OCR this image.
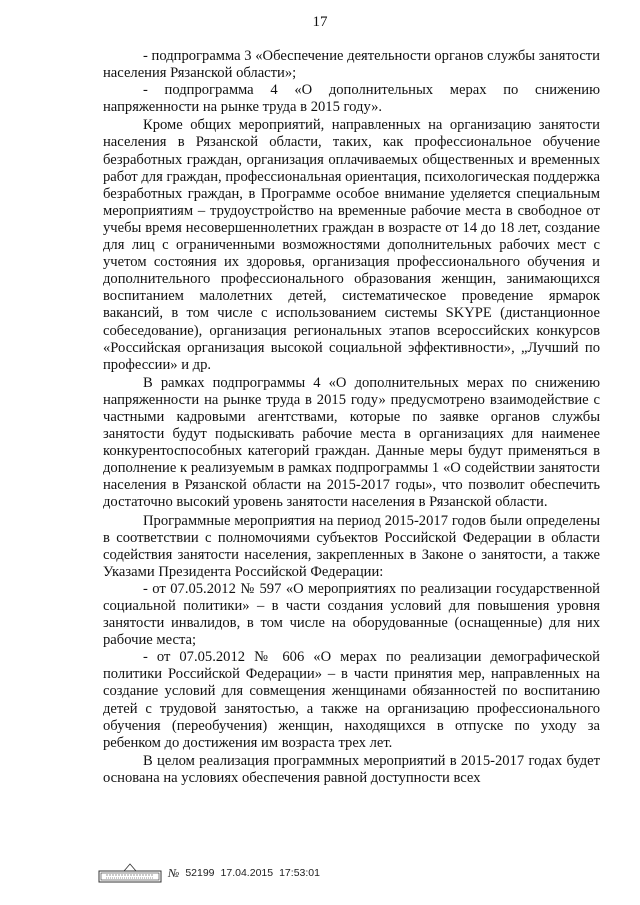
17

- подпрограмма 3 «Обеспечение деятельности органов службы занятости населения Рязанской области»;

- подпрограмма 4 «О дополнительных мерах по снижению напряженности на рынке труда в 2015 году».

Кроме общих мероприятий, направленных на организацию занятости населения в Рязанской области, таких, как профессиональное обучение безработных граждан, организация оплачиваемых общественных и временных работ для граждан, профессиональная ориентация, психологическая поддержка безработных граждан, в Программе особое внимание уделяется специальным мероприятиям – трудоустройство на временные рабочие места в свободное от учебы время несовершеннолетних граждан в возрасте от 14 до 18 лет, создание для лиц с ограниченными возможностями дополнительных рабочих мест с учетом состояния их здоровья, организация профессионального обучения и дополнительного профессионального образования женщин, занимающихся воспитанием малолетних детей, систематическое проведение ярмарок вакансий, в том числе с использованием системы SKYPE (дистанционное собеседование), организация региональных этапов всероссийских конкурсов «Российская организация высокой социальной эффективности», „Лучший по профессии» и др.

В рамках подпрограммы 4 «О дополнительных мерах по снижению напряженности на рынке труда в 2015 году» предусмотрено взаимодействие с частными кадровыми агентствами, которые по заявке органов службы занятости будут подыскивать рабочие места в организациях для наименее конкурентоспособных категорий граждан. Данные меры будут применяться в дополнение к реализуемым в рамках подпрограммы 1 «О содействии занятости населения в Рязанской области на 2015-2017 годы», что позволит обеспечить достаточно высокий уровень занятости населения в Рязанской области.

Программные мероприятия на период 2015-2017 годов были определены в соответствии с полномочиями субъектов Российской Федерации в области содействия занятости населения, закрепленных в Законе о занятости, а также Указами Президента Российской Федерации:

- от 07.05.2012 № 597 «О мероприятиях по реализации государственной социальной политики» – в части создания условий для повышения уровня занятости инвалидов, в том числе на оборудованные (оснащенные) для них рабочие места;

- от 07.05.2012 № 606 «О мерах по реализации демографической политики Российской Федерации» – в части принятия мер, направленных на создание условий для совмещения женщинами обязанностей по воспитанию детей с трудовой занятостью, а также на организацию профессионального обучения (переобучения) женщин, находящихся в отпуске по уходу за ребенком до достижения им возраста трех лет.

В целом реализация программных мероприятий в 2015-2017 годах будет основана на условиях обеспечения равной доступности всех

№ 52199 17.04.2015 17:53:01
